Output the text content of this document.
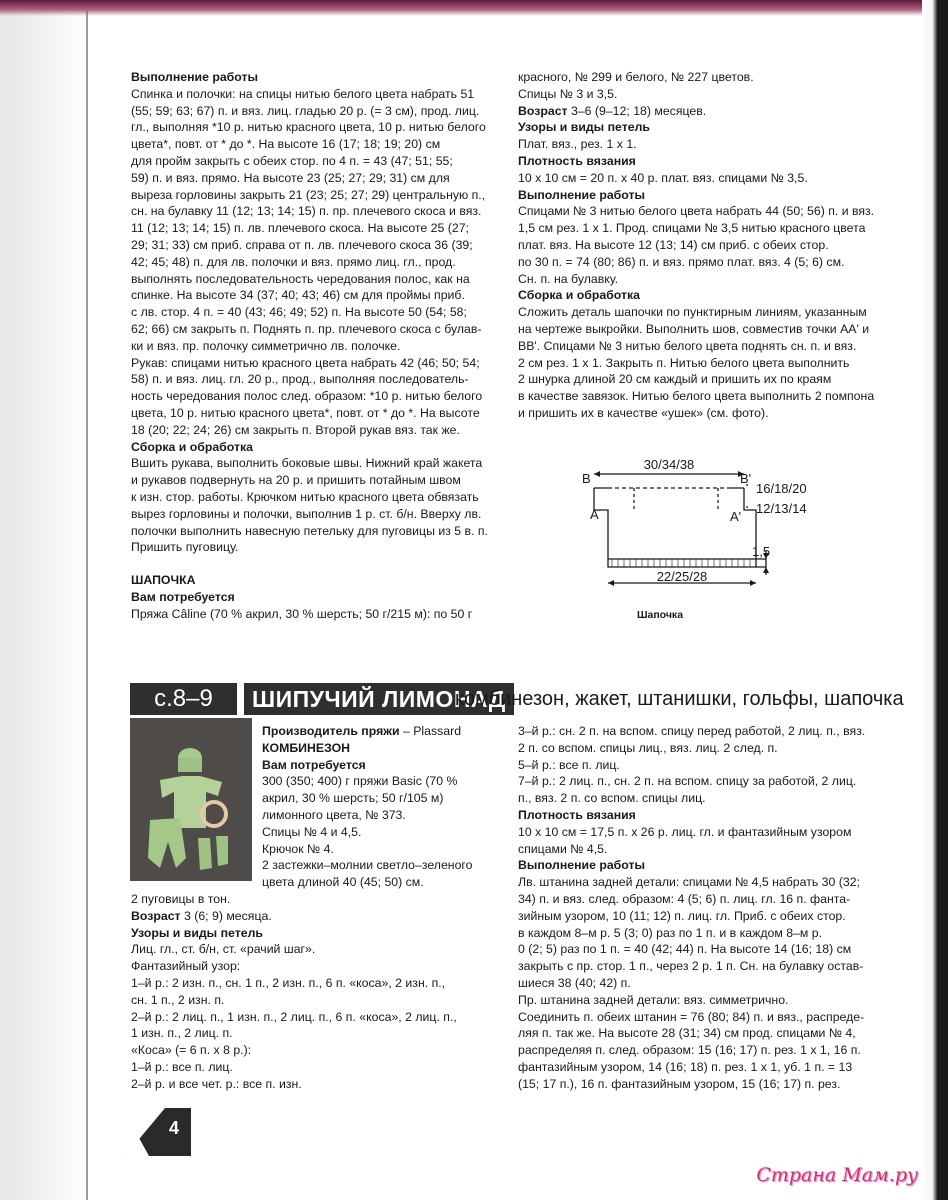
Выполнение работы
Спинка и полочки: на спицы нитью белого цвета набрать 51
(55; 59; 63; 67) п. и вяз. лиц. гладью 20 р. (= 3 см), прод. лиц.
гл., выполняя *10 р. нитью красного цвета, 10 р. нитью белого
цвета*, повт. от * до *. На высоте 16 (17; 18; 19; 20) см
для пройм закрыть с обеих стор. по 4 п. = 43 (47; 51; 55;
59) п. и вяз. прямо. На высоте 23 (25; 27; 29; 31) см для
выреза горловины закрыть 21 (23; 25; 27; 29) центральную п.,
сн. на булавку 11 (12; 13; 14; 15) п. пр. плечевого скоса и вяз.
11 (12; 13; 14; 15) п. лв. плечевого скоса. На высоте 25 (27;
29; 31; 33) см приб. справа от п. лв. плечевого скоса 36 (39;
42; 45; 48) п. для лв. полочки и вяз. прямо лиц. гл., прод.
выполнять последовательность чередования полос, как на
спинке. На высоте 34 (37; 40; 43; 46) см для проймы приб.
с лв. стор. 4 п. = 40 (43; 46; 49; 52) п. На высоте 50 (54; 58;
62; 66) см закрыть п. Поднять п. пр. плечевого скоса с булав-
ки и вяз. пр. полочку симметрично лв. полочке.
Рукав: спицами нитью красного цвета набрать 42 (46; 50; 54;
58) п. и вяз. лиц. гл. 20 р., прод., выполняя последователь-
ность чередования полос след. образом: *10 р. нитью белого
цвета, 10 р. нитью красного цвета*, повт. от * до *. На высоте
18 (20; 22; 24; 26) см закрыть п. Второй рукав вяз. так же.
Сборка и обработка
Вшить рукава, выполнить боковые швы. Нижний край жакета
и рукавов подвернуть на 20 р. и пришить потайным швом
к изн. стор. работы. Крючком нитью красного цвета обвязать
вырез горловины и полочки, выполнив 1 р. ст. б/н. Вверху лв.
полочки выполнить навесную петельку для пуговицы из 5 в. п.
Пришить пуговицу.
ШАПОЧКА
Вам потребуется
Пряжа Câline (70 % акрил, 30 % шерсть; 50 г/215 м): по 50 г
красного, № 299 и белого, № 227 цветов.
Спицы № 3 и 3,5.
Возраст 3–6 (9–12; 18) месяцев.
Узоры и виды петель
Плат. вяз., рез. 1 х 1.
Плотность вязания
10 х 10 см = 20 п. х 40 р. плат. вяз. спицами № 3,5.
Выполнение работы
Спицами № 3 нитью белого цвета набрать 44 (50; 56) п. и вяз.
1,5 см рез. 1 х 1. Прод. спицами № 3,5 нитью красного цвета
плат. вяз. На высоте 12 (13; 14) см приб. с обеих стор.
по 30 п. = 74 (80; 86) п. и вяз. прямо плат. вяз. 4 (5; 6) см.
Сн. п. на булавку.
Сборка и обработка
Сложить деталь шапочки по пунктирным линиям, указанным
на чертеже выкройки. Выполнить шов, совместив точки АА' и
ВВ'. Спицами № 3 нитью белого цвета поднять сн. п. и вяз.
2 см рез. 1 х 1. Закрыть п. Нитью белого цвета выполнить
2 шнурка длиной 20 см каждый и пришить их по краям
в качестве завязок. Нитью белого цвета выполнить 2 помпона
и пришить их в качестве «ушек» (см. фото).
30/34/38
B	B'
A	A'
16/18/20
12/13/14
1,5
22/25/28
Шапочка
с.8–9	ШИПУЧИЙ ЛИМОНАД
комбинезон, жакет, штанишки, гольфы, шапочка
Производитель пряжи – Plassard
КОМБИНЕЗОН
Вам потребуется
300 (350; 400) г пряжи Basic (70 %
акрил, 30 % шерсть; 50 г/105 м)
лимонного цвета, № 373.
Спицы № 4 и 4,5.
Крючок № 4.
2 застежки–молнии светло–зеленого
цвета длиной 40 (45; 50) см.
2 пуговицы в тон.
Возраст 3 (6; 9) месяца.
Узоры и виды петель
Лиц. гл., ст. б/н, ст. «рачий шаг».
Фантазийный узор:
1–й р.: 2 изн. п., сн. 1 п., 2 изн. п., 6 п. «коса», 2 изн. п.,
сн. 1 п., 2 изн. п.
2–й р.: 2 лиц. п., 1 изн. п., 2 лиц. п., 6 п. «коса», 2 лиц. п.,
1 изн. п., 2 лиц. п.
«Коса» (= 6 п. х 8 р.):
1–й р.: все п. лиц.
2–й р. и все чет. р.: все п. изн.
3–й р.: сн. 2 п. на вспом. спицу перед работой, 2 лиц. п., вяз.
2 п. со вспом. спицы лиц., вяз. лиц. 2 след. п.
5–й р.: все п. лиц.
7–й р.: 2 лиц. п., сн. 2 п. на вспом. спицу за работой, 2 лиц.
п., вяз. 2 п. со вспом. спицы лиц.
Плотность вязания
10 х 10 см = 17,5 п. х 26 р. лиц. гл. и фантазийным узором
спицами № 4,5.
Выполнение работы
Лв. штанина задней детали: спицами № 4,5 набрать 30 (32;
34) п. и вяз. след. образом: 4 (5; 6) п. лиц. гл. 16 п. фанта-
зийным узором, 10 (11; 12) п. лиц. гл. Приб. с обеих стор.
в каждом 8–м р. 5 (3; 0) раз по 1 п. и в каждом 8–м р.
0 (2; 5) раз по 1 п. = 40 (42; 44) п. На высоте 14 (16; 18) см
закрыть с пр. стор. 1 п., через 2 р. 1 п. Сн. на булавку остав-
шиеся 38 (40; 42) п.
Пр. штанина задней детали: вяз. симметрично.
Соединить п. обеих штанин = 76 (80; 84) п. и вяз., распреде-
ляя п. так же. На высоте 28 (31; 34) см прод. спицами № 4,
распределяя п. след. образом: 15 (16; 17) п. рез. 1 х 1, 16 п.
фантазийным узором, 14 (16; 18) п. рез. 1 х 1, уб. 1 п. = 13
(15; 17 п.), 16 п. фантазийным узором, 15 (16; 17) п. рез.
4
Страна Мам.ру
